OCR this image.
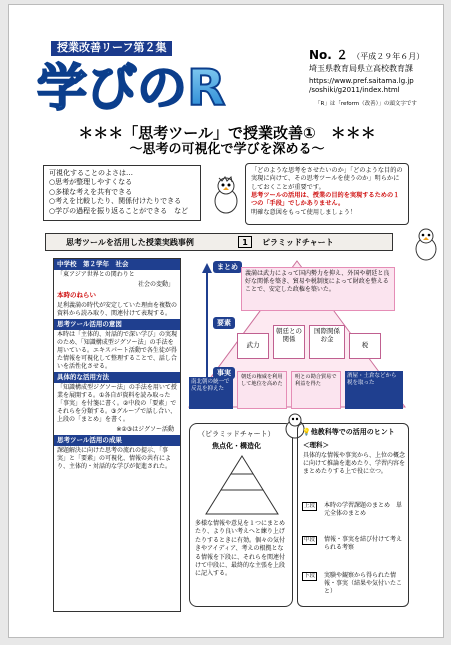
授業改善リーフ第２集
学びのR
No. ２ （平成２９年６月）
埼玉県教育局県立高校教育課
https://www.pref.saitama.lg.jp
/soshiki/g2011/index.html
「R」は「reform（改善）」の頭文字です
＊＊＊「思考ツール」で授業改善①　＊＊＊
～思考の可視化で学びを深める～
可視化することのよさは…
○思考が整理しやすくなる
○多様な考えを共有できる
○考えを比較したり、関係付けたりできる
○学びの過程を振り返ることができる　など
「どのような思考をさせたいのか」「どのような目的の実現に向けて、その思考ツールを使うのか」明らかにしておくことが重要です。
思考ツールの活用は、授業の目的を実現するための１つの「手段」でしかありません。
明確な意図をもって使用しましょう！
思考ツールを活用した授業実践事例	1	ピラミッドチャート
中学校　第２学年　社会

「東アジア世界との関わりと

社会の変動」

本時のねらい

足利義満の時代が安定していた理由を複数の資料から読み取り、関連付けて表現する。

思考ツール活用の意図

本時は「主体的、対話的で深い学び」の実現のため、「知識構成型ジグソー法」の手法を用いている。エキスパート活動で各生徒が得た情報を可視化して整理することで、話し合いを活性化させる。

具体的な活用方法

「知識構成型ジグソー法」の手法を用いて授業を展開する。①各自が資料を読み取った「事実」を付箋に書く。②中段の「要素」でそれらを分類する。③グループで話し合い、上段の「まとめ」を書く。

※②③はジグソー活動

思考ツール活用の成果

課題解決に向けた思考の流れの提示、「事実」と「要素」の可視化、情報の共有により、主体的・対話的な学びが促進された。

まとめ
要素
事実
義満は武力によって国内勢力を抑え、外国や朝廷と良好な関係を築き、貿易や税制度によって財政を整えることで、安定した政権を築いた。
武力
朝廷との関係
国際関係お金
税
南北朝の統一で反乱を抑えた
朝廷の権威を利用して地位を高めた
明との勘合貿易で利益を得た
酒屋・土倉などから税を取った
（ピラミッドチャート）
焦点化・構造化
多様な情報や意見を１つにまとめたり、より良い考えへと練り上げたりするときに有効。個々の気付きやアイディア、考えの根拠となる情報を下段に、それらを関連付けて中段に、最終的な主張を上段に記入する。
💡他教科等での活用のヒント
＜理科＞
具体的な情報や事実から、上位の概念に向けて推論を進めたり、学習内容をまとめたりする上で役に立つ。
上段	本時の学習課題のまとめ　単元全体のまとめ
中段	情報・事実を結び付けて考えられる考察
下段	実験や観察から得られた情報・事実（結果や気付いたこと）
